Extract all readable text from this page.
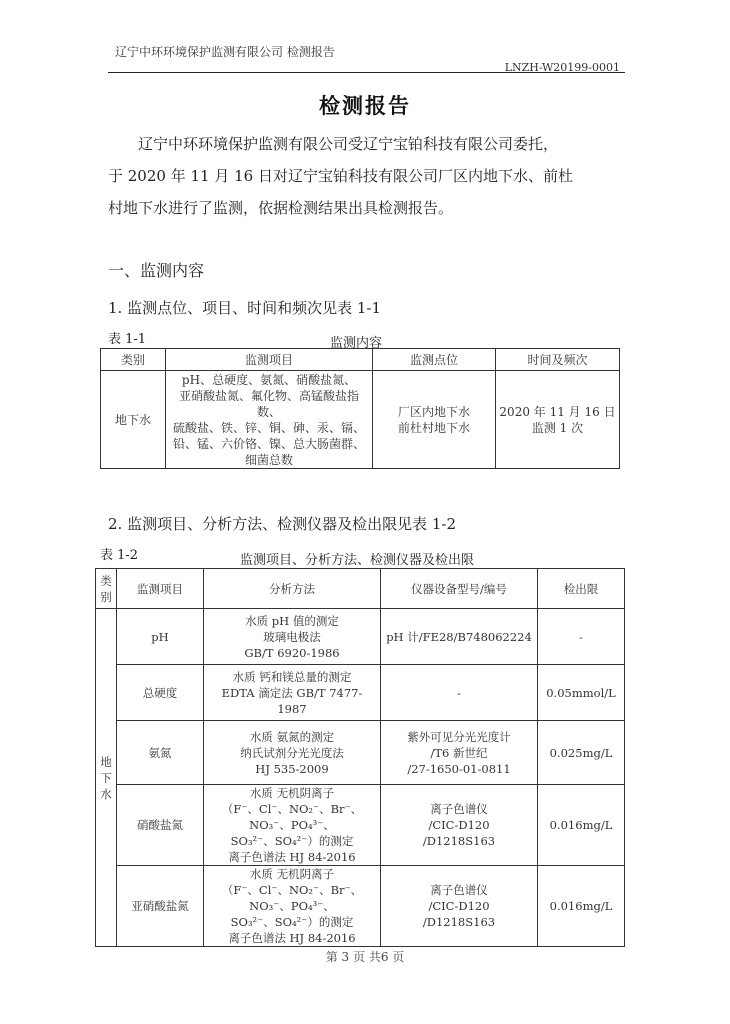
辽宁中环环境保护监测有限公司 检测报告
LNZH-W20199-0001
检测报告

辽宁中环环境保护监测有限公司受辽宁宝铂科技有限公司委托，

于 2020 年 11 月 16 日对辽宁宝铂科技有限公司厂区内地下水、前杜
村地下水进行了监测，依据检测结果出具检测报告。
一、监测内容
1. 监测点位、项目、时间和频次见表 1-1
表 1-1	监测内容
类别	监测项目	监测点位	时间及频次
地下水	pH、总硬度、氨氮、硝酸盐氮、
亚硝酸盐氮、氟化物、高锰酸盐指数、
硫酸盐、铁、锌、铜、砷、汞、镉、
铅、锰、六价铬、镍、总大肠菌群、
细菌总数	厂区内地下水
前杜村地下水	2020 年 11 月 16 日
监测 1 次
2. 监测项目、分析方法、检测仪器及检出限见表 1-2
表 1-2	监测项目、分析方法、检测仪器及检出限
类别	监测项目	分析方法	仪器设备型号/编号	检出限
地下水	pH	水质 pH 值的测定
玻璃电极法
GB/T 6920-1986	pH 计/FE28/B748062224	-
	总硬度	水质 钙和镁总量的测定
EDTA 滴定法 GB/T 7477-1987	-	0.05mmol/L
	氨氮	水质 氨氮的测定
纳氏试剂分光光度法
HJ 535-2009	紫外可见分光光度计
/T6 新世纪
/27-1650-01-0811	0.025mg/L
	硝酸盐氮	水质 无机阴离子
（F⁻、Cl⁻、NO₂⁻、Br⁻、NO₃⁻、PO₄³⁻、
SO₃²⁻、SO₄²⁻）的测定
离子色谱法 HJ 84-2016	离子色谱仪
/CIC-D120
/D1218S163	0.016mg/L
	亚硝酸盐氮	水质 无机阴离子
（F⁻、Cl⁻、NO₂⁻、Br⁻、NO₃⁻、PO₄³⁻、
SO₃²⁻、SO₄²⁻）的测定
离子色谱法 HJ 84-2016	离子色谱仪
/CIC-D120
/D1218S163	0.016mg/L
第 3 页 共6 页
